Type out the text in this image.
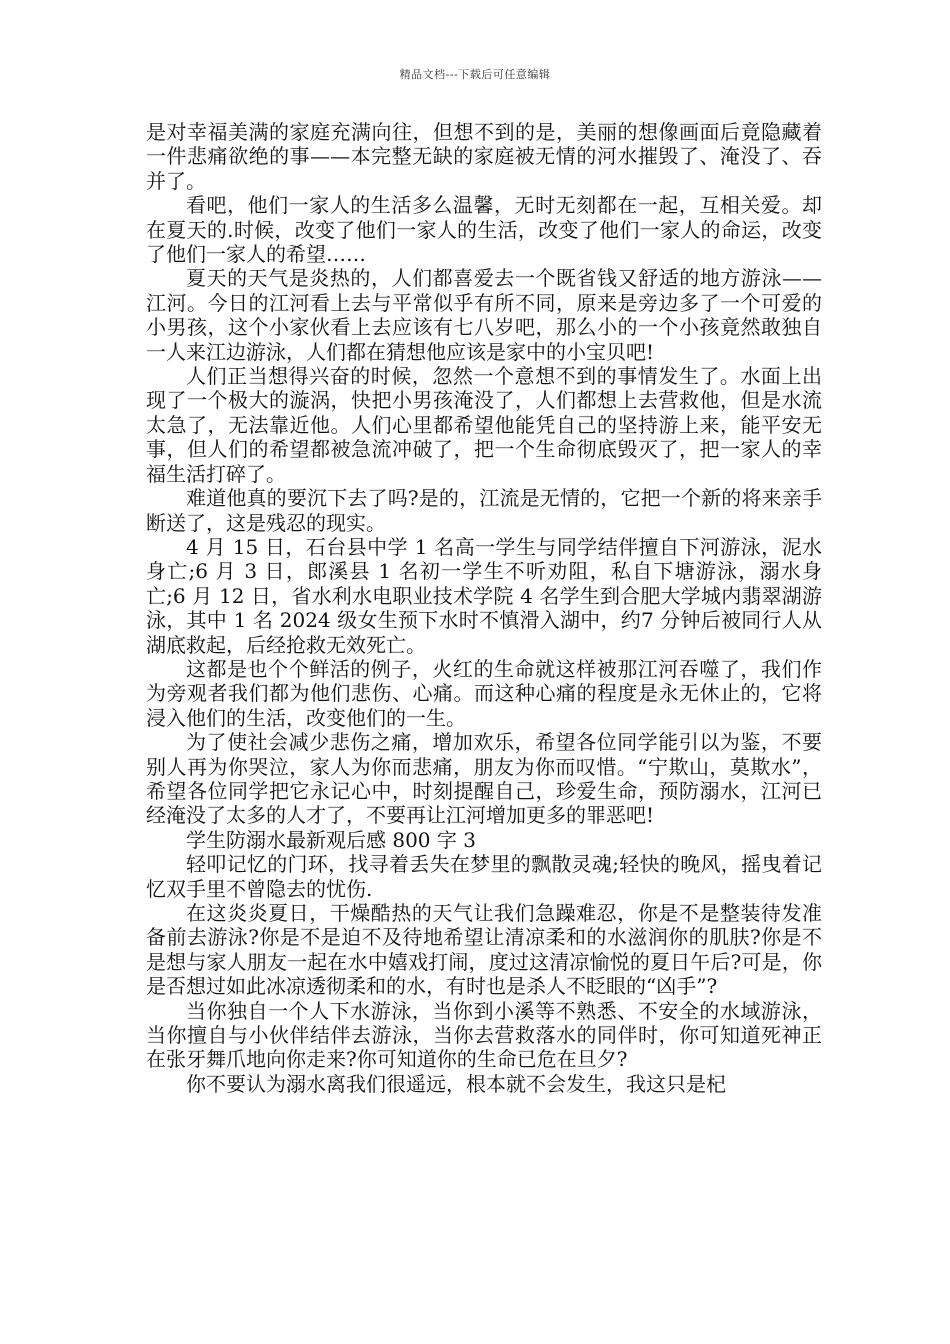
精品文档---下载后可任意编辑

是对幸福美满的家庭充满向往，但想不到的是，美丽的想像画面后竟隐藏着一件悲痛欲绝的事——本完整无缺的家庭被无情的河水摧毁了、淹没了、吞并了。

看吧，他们一家人的生活多么温馨，无时无刻都在一起，互相关爱。却在夏天的.时候，改变了他们一家人的生活，改变了他们一家人的命运，改变了他们一家人的希望……

夏天的天气是炎热的，人们都喜爱去一个既省钱又舒适的地方游泳——江河。今日的江河看上去与平常似乎有所不同，原来是旁边多了一个可爱的小男孩，这个小家伙看上去应该有七八岁吧，那么小的一个小孩竟然敢独自一人来江边游泳，人们都在猜想他应该是家中的小宝贝吧!

人们正当想得兴奋的时候，忽然一个意想不到的事情发生了。水面上出现了一个极大的漩涡，快把小男孩淹没了，人们都想上去营救他，但是水流太急了，无法靠近他。人们心里都希望他能凭自己的坚持游上来，能平安无事，但人们的希望都被急流冲破了，把一个生命彻底毁灭了，把一家人的幸福生活打碎了。

难道他真的要沉下去了吗?是的，江流是无情的，它把一个新的将来亲手断送了，这是残忍的现实。

4 月 15 日，石台县中学 1 名高一学生与同学结伴擅自下河游泳，泥水身亡;6 月 3 日，郎溪县 1 名初一学生不听劝阻，私自下塘游泳，溺水身亡;6 月 12 日，省水利水电职业技术学院 4 名学生到合肥大学城内翡翠湖游泳，其中 1 名 2024 级女生预下水时不慎滑入湖中，约7 分钟后被同行人从湖底救起，后经抢救无效死亡。

这都是也个个鲜活的例子，火红的生命就这样被那江河吞噬了，我们作为旁观者我们都为他们悲伤、心痛。而这种心痛的程度是永无休止的，它将浸入他们的生活，改变他们的一生。

为了使社会减少悲伤之痛，增加欢乐，希望各位同学能引以为鉴，不要别人再为你哭泣，家人为你而悲痛，朋友为你而叹惜。“宁欺山，莫欺水”，希望各位同学把它永记心中，时刻提醒自己，珍爱生命，预防溺水，江河已经淹没了太多的人才了，不要再让江河增加更多的罪恶吧!

学生防溺水最新观后感 800 字 3

轻叩记忆的门环，找寻着丢失在梦里的飘散灵魂;轻快的晚风，摇曳着记忆双手里不曾隐去的忧伤.

在这炎炎夏日，干燥酷热的天气让我们急躁难忍，你是不是整装待发准备前去游泳?你是不是迫不及待地希望让清凉柔和的水滋润你的肌肤?你是不是想与家人朋友一起在水中嬉戏打闹，度过这清凉愉悦的夏日午后?可是，你是否想过如此冰凉透彻柔和的水，有时也是杀人不眨眼的“凶手”?

当你独自一个人下水游泳，当你到小溪等不熟悉、不安全的水域游泳，当你擅自与小伙伴结伴去游泳，当你去营救落水的同伴时，你可知道死神正在张牙舞爪地向你走来?你可知道你的生命已危在旦夕?

你不要认为溺水离我们很遥远，根本就不会发生，我这只是杞
